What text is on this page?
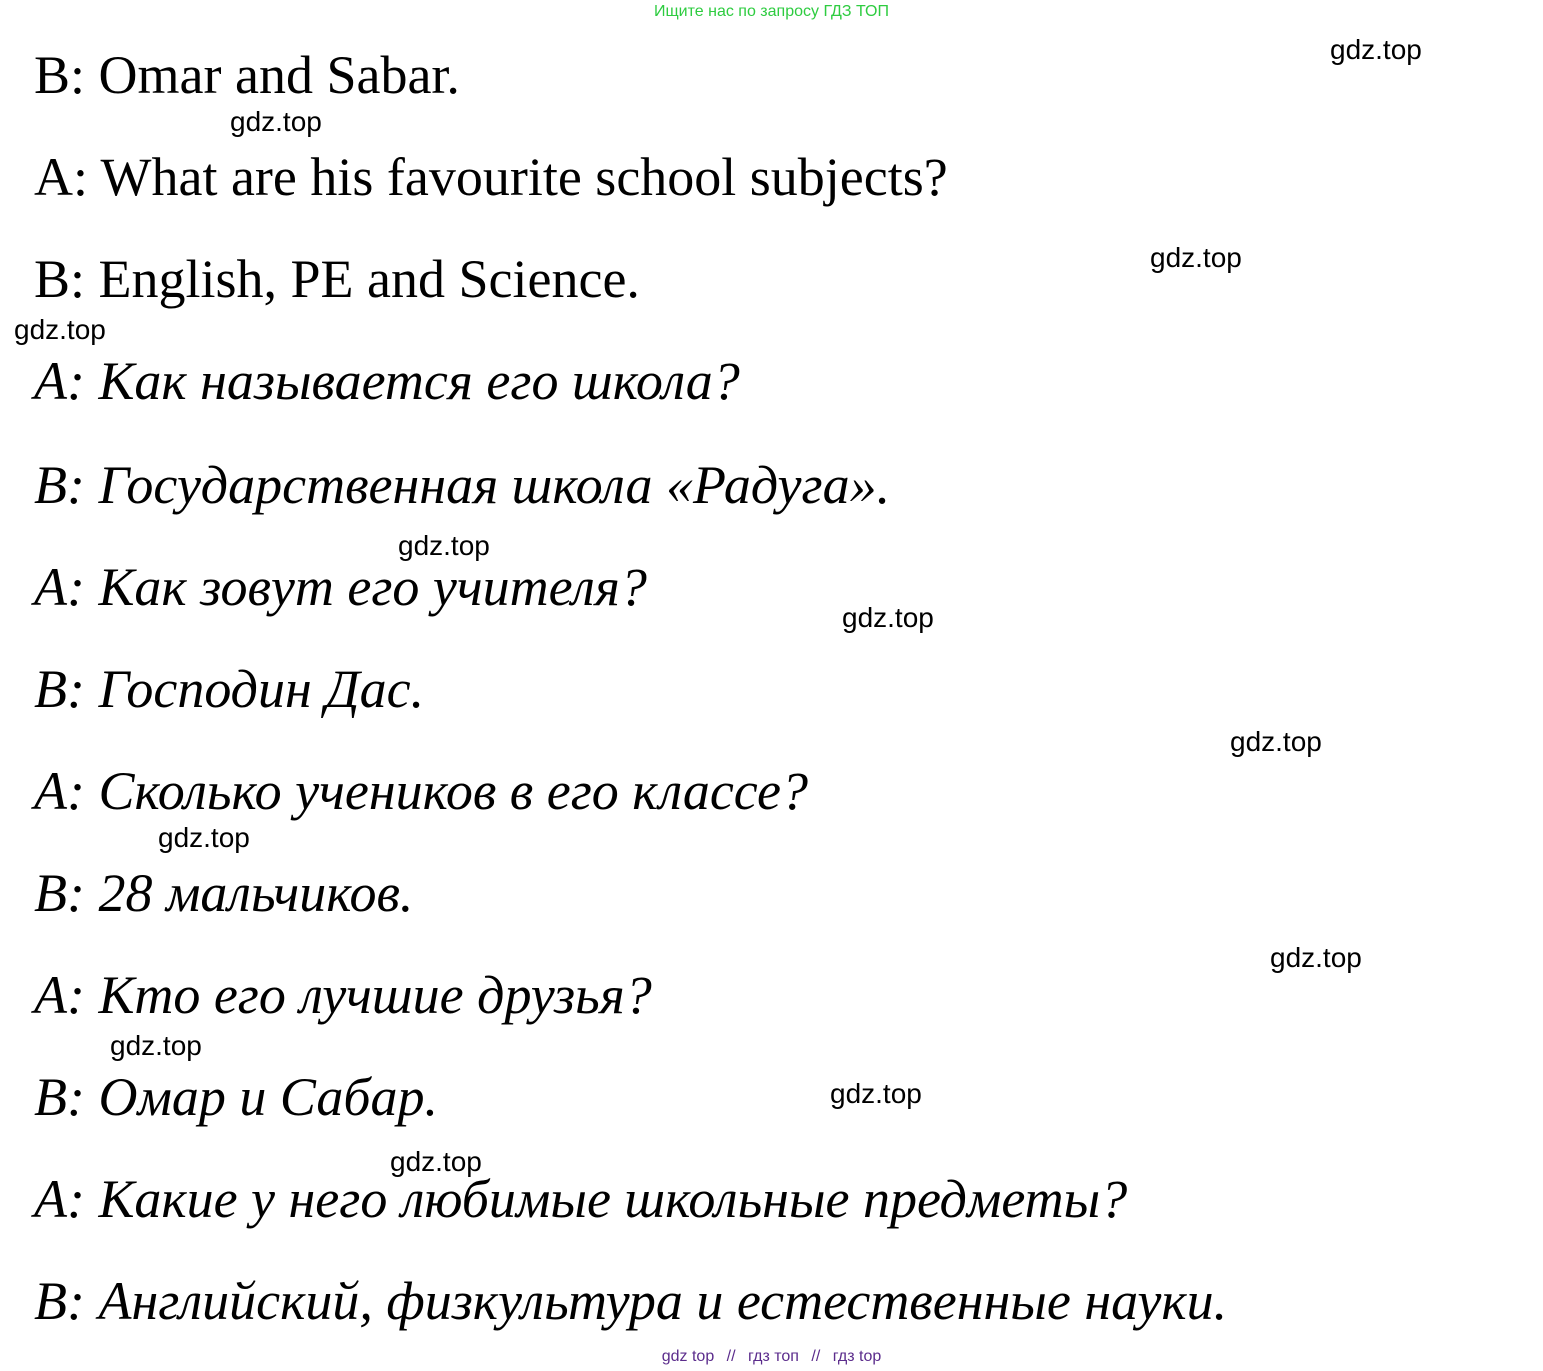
Ищите нас по запросу ГДЗ ТОП
B: Omar and Sabar.
A: What are his favourite school subjects?
B: English, PE and Science.
A: Как называется его школа?
B: Государственная школа «Радуга».
A: Как зовут его учителя?
B: Господин Дас.
A: Сколько учеников в его классе?
B: 28 мальчиков.
A: Кто его лучшие друзья?
B: Омар и Сабар.
A: Какие у него любимые школьные предметы?
B: Английский, физкультура и естественные науки.
gdz.top
gdz.top
gdz.top
gdz.top
gdz.top
gdz.top
gdz.top
gdz.top
gdz.top
gdz.top
gdz.top
gdz.top
gdz top // гдз топ // гдз top
